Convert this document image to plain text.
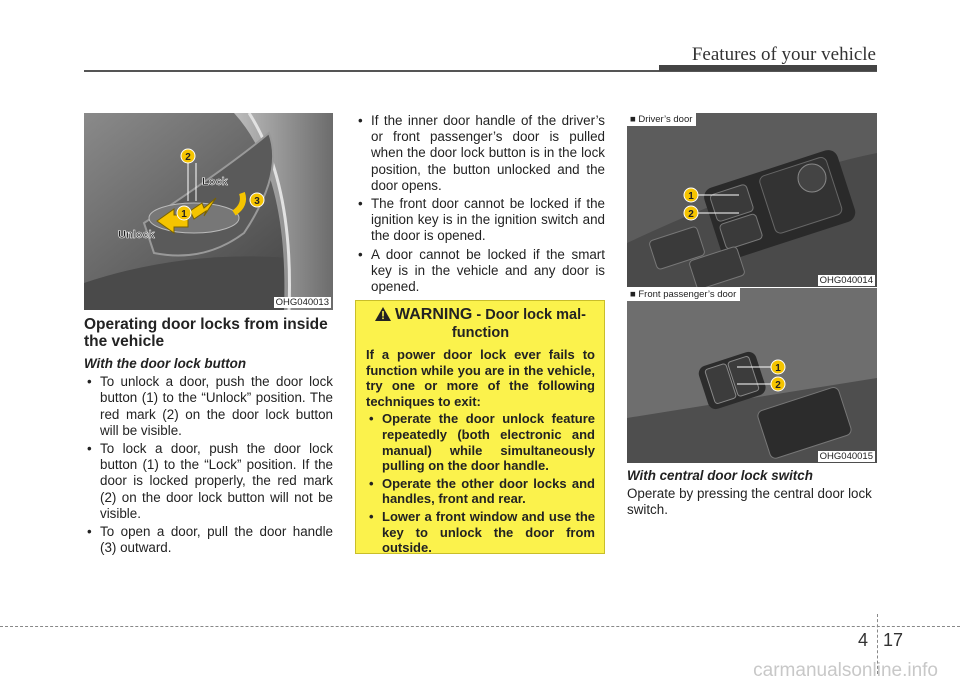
Features of your vehicle
2
1
3
Lock
Unlock
OHG040013
Operating door locks from inside the vehicle
With the door lock button
• To unlock a door, push the door lock button (1) to the “Unlock” position. The red mark (2) on the door lock button will be visible.
• To lock a door, push the door lock button (1) to the “Lock” position. If the door is locked properly, the red mark (2) on the door lock button will not be visible.
• To open a door, pull the door handle (3) outward.
• If the inner door handle of the driver’s or front passenger’s door is pulled when the door lock button is in the lock position, the button unlocked and the door opens.
• The front door cannot be locked if the ignition key is in the ignition switch and the door is opened.
• A door cannot be locked if the smart key is in the vehicle and any door is opened.
WARNING - Door lock mal-function
If a power door lock ever fails to function while you are in the vehicle, try one or more of the following techniques to exit:
• Operate the door unlock feature repeatedly (both electronic and manual) while simultaneously pulling on the door handle.
• Operate the other door locks and handles, front and rear.
• Lower a front window and use the key to unlock the door from outside.
1
2
■ Driver’s door
OHG040014
1
2
■ Front passenger’s door
OHG040015
With central door lock switch
Operate by pressing the central door lock switch.
4 17
carmanualsonline.info
